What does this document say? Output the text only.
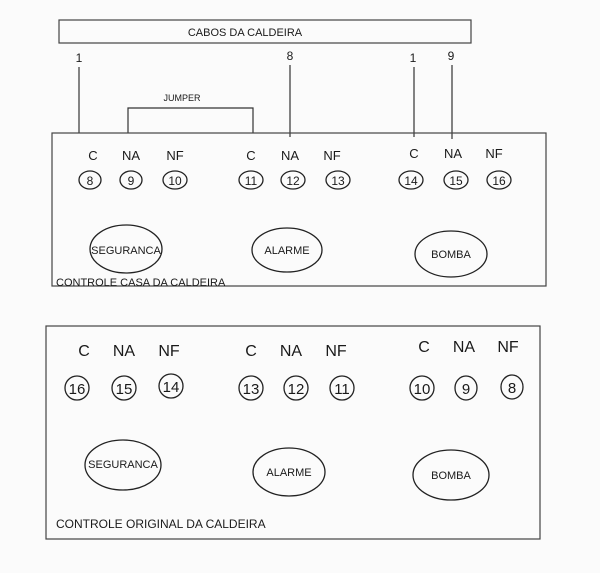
CABOS DA CALDEIRA
1	8	1	9
JUMPER
CONTROLE CASA DA CALDEIRA
C NA NF
8	9	10
SEGURANCA
C NA NF
11 12	13
ALARME
C NA NF
14	15 16
BOMBA
CONTROLE ORIGINAL DA CALDEIRA
C NA NF
16 15 14
SEGURANCA
C NA NF
13 12 11
ALARME
C NA NF
10 9	8
BOMBA
